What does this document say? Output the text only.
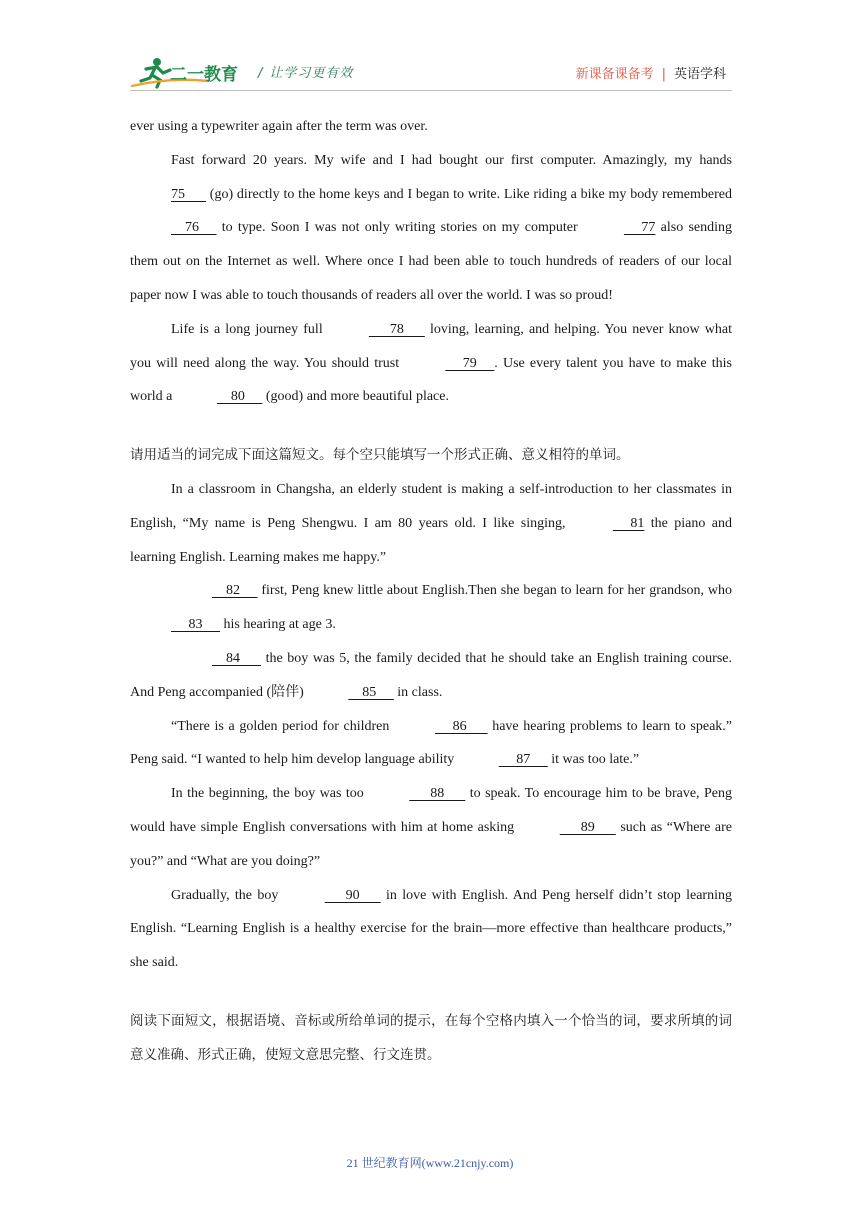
二一教育 / 让学习更有效	新课备课备考 | 英语学科

ever using a typewriter again after the term was over.

Fast forward 20 years. My wife and I had bought our first computer. Amazingly, my hands 75       (go) directly to the home keys and I began to write. Like riding a bike my body remembered     76      to type. Soon I was not only writing stories on my computer	77 also sending them out on the Internet as well. Where once I had been able to touch hundreds of readers of our local paper now I was able to touch thousands of readers all over the world. I was so proud!

Life is a long journey full	78       loving, learning, and helping. You never know what you will need along the way. You should trust	79     . Use every talent you have to make this world a	80      (good) and more beautiful place.

请用适当的词完成下面这篇短文。每个空只能填写一个形式正确、意义相符的单词。

In a classroom in Changsha, an elderly student is making a self-introduction to her classmates in English, “My name is Peng Shengwu. I am 80 years old. I like singing,	81 the piano and learning English. Learning makes me happy.”

82      first, Peng knew little about English.Then she began to learn for her grandson, who      83      his hearing at age 3.

84       the boy was 5, the family decided that he should take an English training course. And Peng accompanied (陪伴)	85      in class.

“There is a golden period for children	86       have hearing problems to learn to speak.” Peng said. “I wanted to help him develop language ability	87      it was too late.”

In the beginning, the boy was too	88       to speak. To encourage him to be brave, Peng would have simple English conversations with him at home asking	89       such as “Where are you?” and “What are you doing?”

Gradually, the boy	90       in love with English. And Peng herself didn’t stop learning English. “Learning English is a healthy exercise for the brain—more effective than healthcare products,” she said.

阅读下面短文，根据语境、音标或所给单词的提示，在每个空格内填入一个恰当的词，要求所填的词意义准确、形式正确，使短文意思完整、行文连贯。

21 世纪教育网(www.21cnjy.com)
